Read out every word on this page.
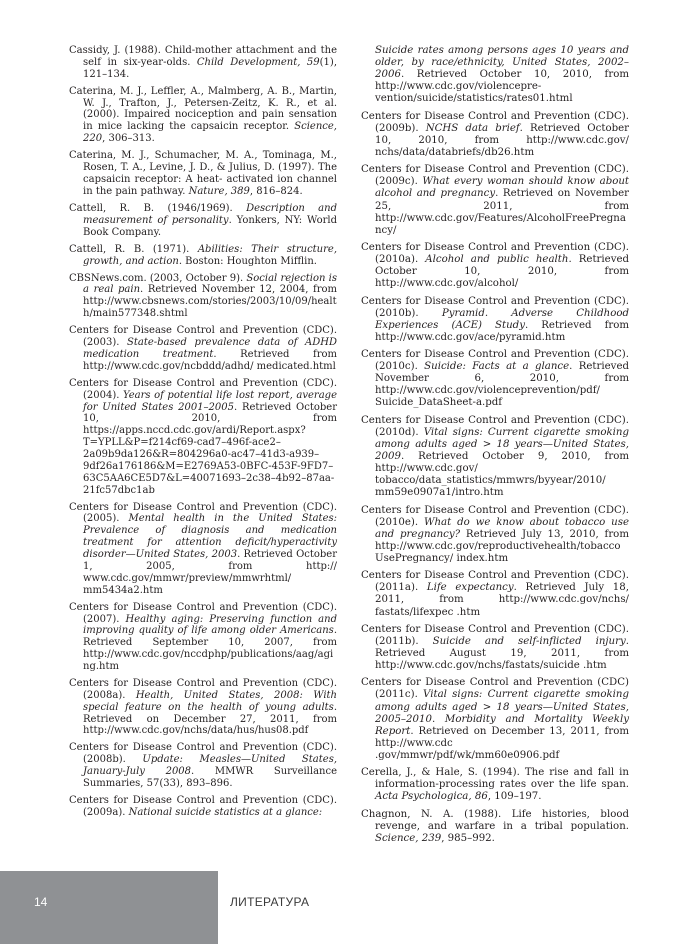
Cassidy, J. (1988). Child-mother attachment and the self in six-year-olds. Child Development, 59(1), 121–134.

Caterina, M. J., Leffler, A., Malmberg, A. B., Martin, W. J., Trafton, J., Petersen-Zeitz, K. R., et al. (2000). Impaired nociception and pain sensation in mice lacking the capsaicin receptor. Science, 220, 306–313.

Caterina, M. J., Schumacher, M. A., Tominaga, M., Rosen, T. A., Levine, J. D., & Julius, D. (1997). The capsaicin receptor: A heat- activated ion channel in the pain pathway. Nature, 389, 816–824.

Cattell, R. B. (1946/1969). Description and measurement of personality. Yonkers, NY: World Book Company.

Cattell, R. B. (1971). Abilities: Their structure, growth, and action. Boston: Houghton Mifflin.

CBSNews.com. (2003, October 9). Social rejection is a real pain. Retrieved November 12, 2004, from http://www.cbsnews.com/stories/2003/10/09/health/main577348.shtml

Centers for Disease Control and Prevention (CDC). (2003). State-based prevalence data of ADHD medication treatment. Retrieved from http://www.cdc.gov/ncbddd/adhd/ medicated.html

Centers for Disease Control and Prevention (CDC). (2004). Years of potential life lost report, average for United States 2001–2005. Retrieved October 10, 2010, from https://apps.nccd.cdc.gov/ardi/Report.aspx?T=YPLL&P=f214cf69-cad7–496f-ace2–2a09b9da126&R=804296a0-ac47–41d3-a939–9df26a176186&M=E2769A53-0BFC-453F-9FD7–63C5AA6CE5D7&L=40071693–2c38–4b92–87aa-21fc57dbc1ab

Centers for Disease Control and Prevention (CDC). (2005). Mental health in the United States: Prevalence of diagnosis and medication treatment for attention deficit/hyperactivity disorder—United States, 2003. Retrieved October 1, 2005, from http:// www.cdc.gov/mmwr/preview/mmwrhtml/ mm5434a2.htm

Centers for Disease Control and Prevention (CDC). (2007). Healthy aging: Preserving function and improving quality of life among older Americans. Retrieved September 10, 2007, from http://www.cdc.gov/nccdphp/publications/aag/aging.htm

Centers for Disease Control and Prevention (CDC). (2008a). Health, United States, 2008: With special feature on the health of young adults. Retrieved on December 27, 2011, from http://www.cdc.gov/nchs/data/hus/hus08.pdf

Centers for Disease Control and Prevention (CDC). (2008b). Update: Measles—United States, January-July 2008. MMWR Surveillance Summaries, 57(33), 893–896.

Centers for Disease Control and Prevention (CDC). (2009a). National suicide statistics at a glance:

Suicide rates among persons ages 10 years and older, by race/ethnicity, United States, 2002–2006. Retrieved October 10, 2010, from http://www.cdc.gov/violencepre- vention/suicide/statistics/rates01.html

Centers for Disease Control and Prevention (CDC). (2009b). NCHS data brief. Retrieved October 10, 2010, from http://www.cdc.gov/ nchs/data/databriefs/db26.htm

Centers for Disease Control and Prevention (CDC). (2009c). What every woman should know about alcohol and pregnancy. Retrieved on November 25, 2011, from http://www.cdc.gov/Features/AlcoholFreePregnancy/

Centers for Disease Control and Prevention (CDC). (2010a). Alcohol and public health. Retrieved October 10, 2010, from http://www.cdc.gov/alcohol/

Centers for Disease Control and Prevention (CDC). (2010b). Pyramid. Adverse Childhood Experiences (ACE) Study. Retrieved from http://www.cdc.gov/ace/pyramid.htm

Centers for Disease Control and Prevention (CDC). (2010c). Suicide: Facts at a glance. Retrieved November 6, 2010, from http://www.cdc.gov/violenceprevention/pdf/ Suicide_DataSheet-a.pdf

Centers for Disease Control and Prevention (CDC). (2010d). Vital signs: Current cigarette smoking among adults aged > 18 years—United States, 2009. Retrieved October 9, 2010, from http://www.cdc.gov/ tobacco/data_statistics/mmwrs/byyear/2010/ mm59e0907a1/intro.htm

Centers for Disease Control and Prevention (CDC). (2010e). What do we know about tobacco use and pregnancy? Retrieved July 13, 2010, from http://www.cdc.gov/reproductivehealth/tobaccoUsePregnancy/ index.htm

Centers for Disease Control and Prevention (CDC). (2011a). Life expectancy. Retrieved July 18, 2011, from http://www.cdc.gov/nchs/ fastats/lifexpec .htm

Centers for Disease Control and Prevention (CDC). (2011b). Suicide and self-inflicted injury. Retrieved August 19, 2011, from http://www.cdc.gov/nchs/fastats/suicide .htm

Centers for Disease Control and Prevention (CDC) (2011c). Vital signs: Current cigarette smoking among adults aged > 18 years—United States, 2005–2010. Morbidity and Mortality Weekly Report. Retrieved on December 13, 2011, from http://www.cdc .gov/mmwr/pdf/wk/mm60e0906.pdf

Cerella, J., & Hale, S. (1994). The rise and fall in information-processing rates over the life span. Acta Psychologica, 86, 109–197.

Chagnon, N. A. (1988). Life histories, blood revenge, and warfare in a tribal population. Science, 239, 985–992.

14	ЛИТЕРАТУРА
